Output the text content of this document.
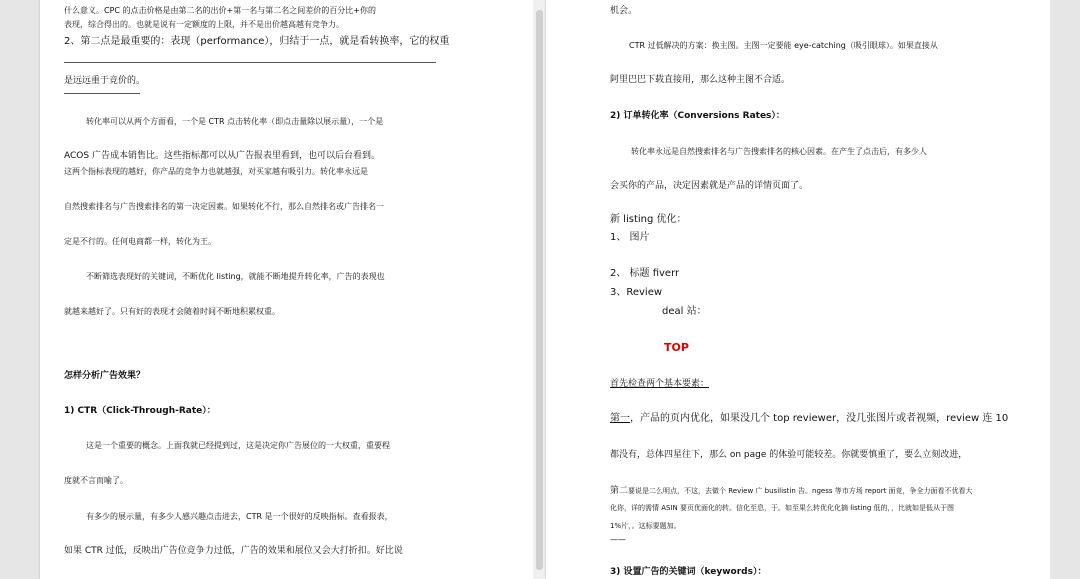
什么意义。CPC 的点击价格是由第二名的出价+第一名与第二名之间差价的百分比+你的
表现，综合得出的。也就是说有一定额度的上限，并不是出价越高越有竞争力。
2、第二点是最重要的：表现（performance），归结于一点，就是看转换率，它的权重
是远远重于竞价的。
转化率可以从两个方面看，一个是 CTR 点击转化率（即点击量除以展示量），一个是
ACOS 广告成本销售比。这些指标都可以从广告报表里看到，也可以后台看到。
这两个指标表现的越好，你产品的竞争力也就越强，对买家越有吸引力。转化率永远是
自然搜索排名与广告搜索排名的第一决定因素。如果转化不行，那么自然排名或广告排名一
定是不行的。任何电商都一样，转化为王。
不断筛选表现好的关键词，不断优化 listing，就能不断地提升转化率，广告的表现也
就越来越好了。只有好的表现才会随着时间不断地积累权重。
怎样分析广告效果？
1) CTR（Click-Through-Rate）：
这是一个重要的概念。上面我就已经提到过，这是决定你广告展位的一大权重，重要程
度就不言而喻了。
有多少的展示量，有多少人感兴趣点击进去，CTR 是一个很好的反映指标。查看报表，
如果 CTR 过低，反映出广告位竞争力过低，广告的效果和展位又会大打折扣。好比说
机会。
CTR 过低解决的方案：换主图。主图一定要能 eye-catching（吸引眼球）。如果直接从
阿里巴巴下载直接用，那么这种主图不合适。
2) 订单转化率（Conversions Rates）：
转化率永远是自然搜索排名与广告搜索排名的核心因素。在产生了点击后，有多少人
会买你的产品，决定因素就是产品的详情页面了。
新 listing 优化：
1、 图片
2、 标题 fiverr
3、Review
deal 站：
TOP
首先检查两个基本要素：
第一，产品的页内优化，如果没几个 top reviewer，没几张图片或者视频，review 连 10
都没有，总体四星往下，那么 on page 的体验可能较差。你就要慎重了，要么立刻改进，
第二要说是二么明点，不这，去做个 Review 广 busilistin 告。ngess 等市方场 report 面竞，争全力面看不优看大
化你，详的需情 ASIN 要页优面化的转。信化至息，于。如至果么转优化化摘 listing 低的，，比就如是低从于图
1%片，。这标要题加。
——
3) 设置广告的关键词（keywords）：
